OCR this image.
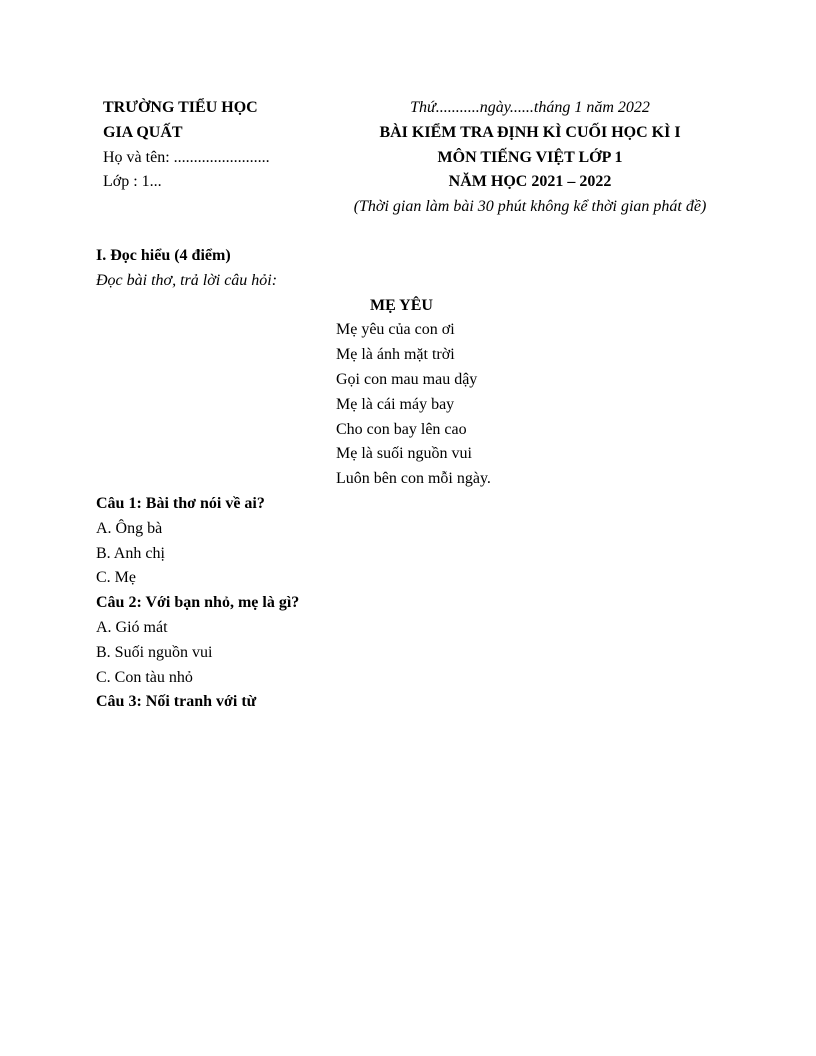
TRƯỜNG TIỂU HỌC
GIA QUẤT
Họ và tên: ........................
Lớp : 1...
Thứ...........ngày......tháng 1 năm 2022
BÀI KIỂM TRA ĐỊNH KÌ CUỐI HỌC KÌ I
MÔN TIẾNG VIỆT LỚP 1
NĂM HỌC 2021 – 2022
(Thời gian làm bài 30 phút không kể thời gian phát đề)
I. Đọc hiểu (4 điểm)
Đọc bài thơ, trả lời câu hỏi:
MẸ YÊU
Mẹ yêu của con ơi
Mẹ là ánh mặt trời
Gọi con mau mau dậy
Mẹ là cái máy bay
Cho con bay lên cao
Mẹ là suối nguồn vui
Luôn bên con mỗi ngày.
Câu 1: Bài thơ nói về ai?
A. Ông bà
B. Anh chị
C. Mẹ
Câu 2: Với bạn nhỏ, mẹ là gì?
A. Gió mát
B. Suối nguồn vui
C. Con tàu nhỏ
Câu 3: Nối tranh với từ
